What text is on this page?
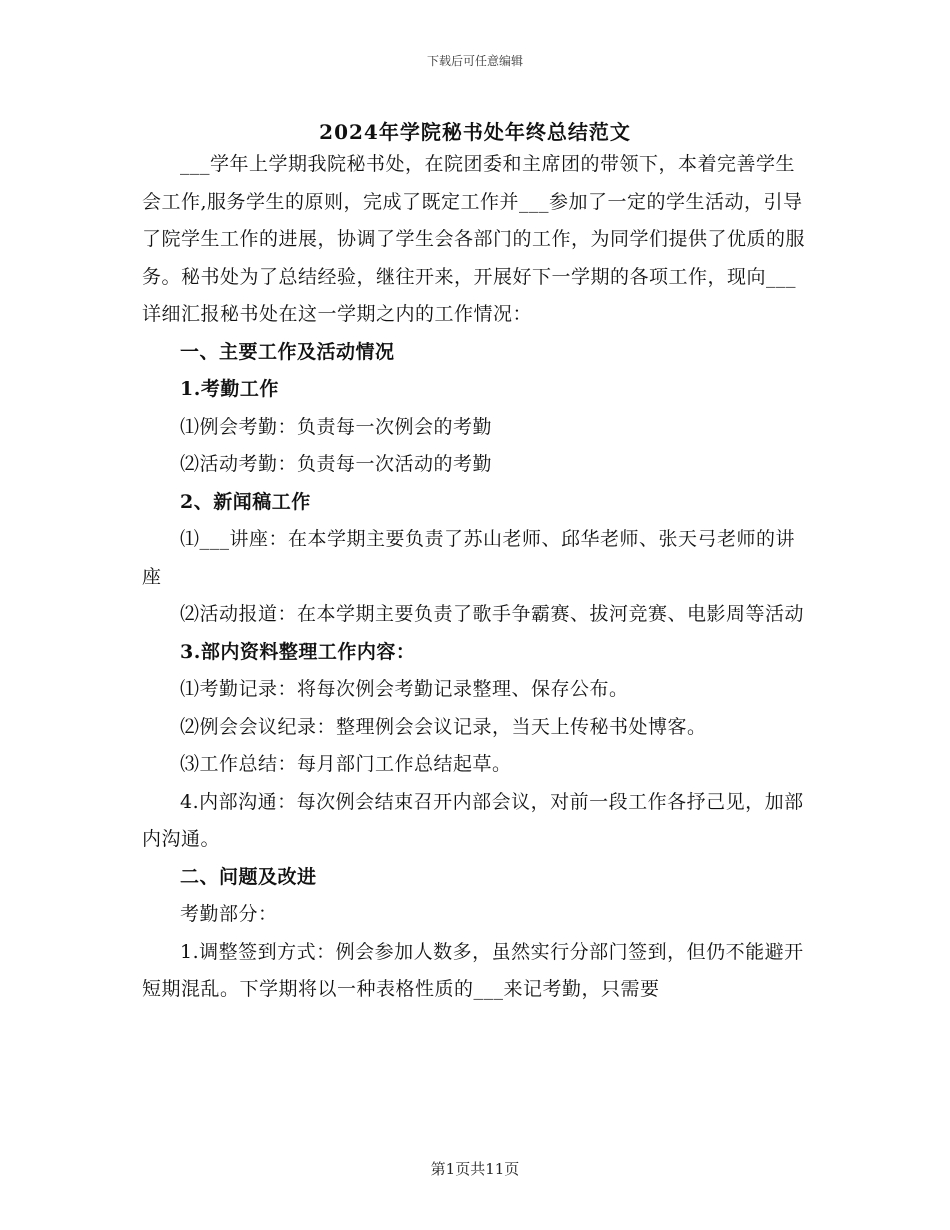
下载后可任意编辑
2024年学院秘书处年终总结范文

___学年上学期我院秘书处，在院团委和主席团的带领下，本着完善学生会工作,服务学生的原则，完成了既定工作并___参加了一定的学生活动，引导了院学生工作的进展，协调了学生会各部门的工作，为同学们提供了优质的服务。秘书处为了总结经验，继往开来，开展好下一学期的各项工作，现向___详细汇报秘书处在这一学期之内的工作情况：

一、主要工作及活动情况

1.考勤工作

⑴例会考勤：负责每一次例会的考勤

⑵活动考勤：负责每一次活动的考勤

2、新闻稿工作

⑴___讲座：在本学期主要负责了苏山老师、邱华老师、张天弓老师的讲座

⑵活动报道：在本学期主要负责了歌手争霸赛、拔河竞赛、电影周等活动

3.部内资料整理工作内容：

⑴考勤记录：将每次例会考勤记录整理、保存公布。

⑵例会会议纪录：整理例会会议记录，当天上传秘书处博客。

⑶工作总结：每月部门工作总结起草。

4.内部沟通：每次例会结束召开内部会议，对前一段工作各抒己见，加部内沟通。

二、问题及改进

考勤部分：

1.调整签到方式：例会参加人数多，虽然实行分部门签到，但仍不能避开短期混乱。下学期将以一种表格性质的___来记考勤，只需要

第1页共11页
